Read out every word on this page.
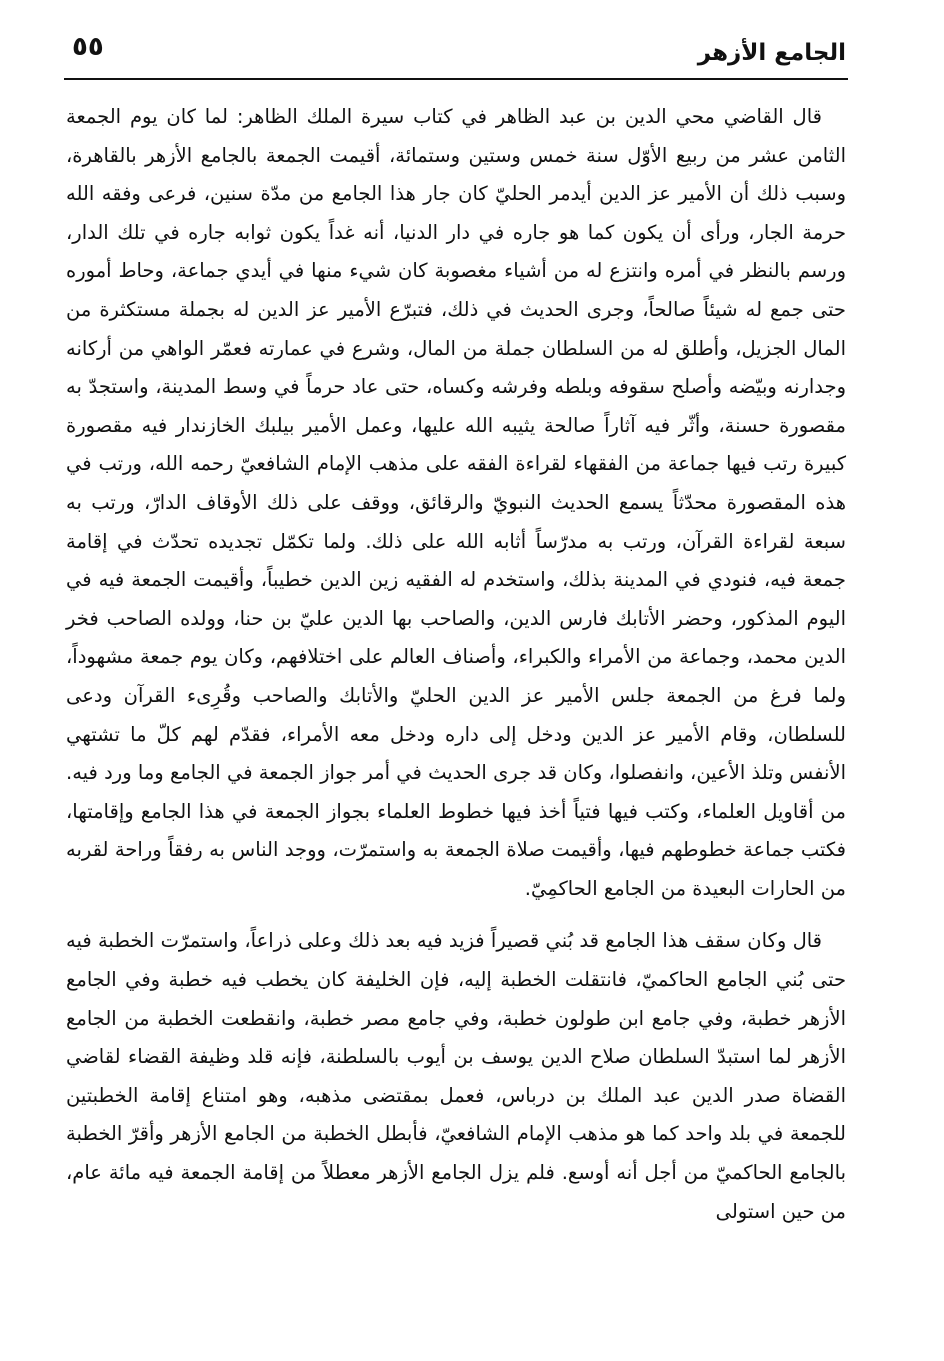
الجامع الأزهر
٥٥

قال القاضي محي الدين بن عبد الظاهر في كتاب سيرة الملك الظاهر: لما كان يوم الجمعة الثامن عشر من ربيع الأوّل سنة خمس وستين وستمائة، أقيمت الجمعة بالجامع الأزهر بالقاهرة، وسبب ذلك أن الأمير عز الدين أيدمر الحليّ كان جار هذا الجامع من مدّة سنين، فرعى وفقه الله حرمة الجار، ورأى أن يكون كما هو جاره في دار الدنيا، أنه غداً يكون ثوابه جاره في تلك الدار، ورسم بالنظر في أمره وانتزع له من أشياء مغصوبة كان شيء منها في أيدي جماعة، وحاط أموره حتى جمع له شيئاً صالحاً، وجرى الحديث في ذلك، فتبرّع الأمير عز الدين له بجملة مستكثرة من المال الجزيل، وأطلق له من السلطان جملة من المال، وشرع في عمارته فعمّر الواهي من أركانه وجدارنه وبيّضه وأصلح سقوفه وبلطه وفرشه وكساه، حتى عاد حرماً في وسط المدينة، واستجدّ به مقصورة حسنة، وأثّر فيه آثاراً صالحة يثيبه الله عليها، وعمل الأمير بيلبك الخازندار فيه مقصورة كبيرة رتب فيها جماعة من الفقهاء لقراءة الفقه على مذهب الإمام الشافعيّ رحمه الله، ورتب في هذه المقصورة محدّثاً يسمع الحديث النبويّ والرقائق، ووقف على ذلك الأوقاف الدارّ، ورتب به سبعة لقراءة القرآن، ورتب به مدرّساً أثابه الله على ذلك. ولما تكمّل تجديده تحدّث في إقامة جمعة فيه، فنودي في المدينة بذلك، واستخدم له الفقيه زين الدين خطيباً، وأقيمت الجمعة فيه في اليوم المذكور، وحضر الأتابك فارس الدين، والصاحب بها الدين عليّ بن حنا، وولده الصاحب فخر الدين محمد، وجماعة من الأمراء والكبراء، وأصناف العالم على اختلافهم، وكان يوم جمعة مشهوداً، ولما فرغ من الجمعة جلس الأمير عز الدين الحليّ والأتابك والصاحب وقُرِىء القرآن ودعى للسلطان، وقام الأمير عز الدين ودخل إلى داره ودخل معه الأمراء، فقدّم لهم كلّ ما تشتهي الأنفس وتلذ الأعين، وانفصلوا، وكان قد جرى الحديث في أمر جواز الجمعة في الجامع وما ورد فيه. من أقاويل العلماء، وكتب فيها فتياً أخذ فيها خطوط العلماء بجواز الجمعة في هذا الجامع وإقامتها، فكتب جماعة خطوطهم فيها، وأقيمت صلاة الجمعة به واستمرّت، ووجد الناس به رفقاً وراحة لقربه من الحارات البعيدة من الجامع الحاكمِيّ.

قال وكان سقف هذا الجامع قد بُني قصيراً فزيد فيه بعد ذلك وعلى ذراعاً، واستمرّت الخطبة فيه حتى بُني الجامع الحاكميّ، فانتقلت الخطبة إليه، فإن الخليفة كان يخطب فيه خطبة وفي الجامع الأزهر خطبة، وفي جامع ابن طولون خطبة، وفي جامع مصر خطبة، وانقطعت الخطبة من الجامع الأزهر لما استبدّ السلطان صلاح الدين يوسف بن أيوب بالسلطنة، فإنه قلد وظيفة القضاء لقاضي القضاة صدر الدين عبد الملك بن درباس، فعمل بمقتضى مذهبه، وهو امتناع إقامة الخطبتين للجمعة في بلد واحد كما هو مذهب الإمام الشافعيّ، فأبطل الخطبة من الجامع الأزهر وأقرّ الخطبة بالجامع الحاكميّ من أجل أنه أوسع. فلم يزل الجامع الأزهر معطلاً من إقامة الجمعة فيه مائة عام، من حين استولى
